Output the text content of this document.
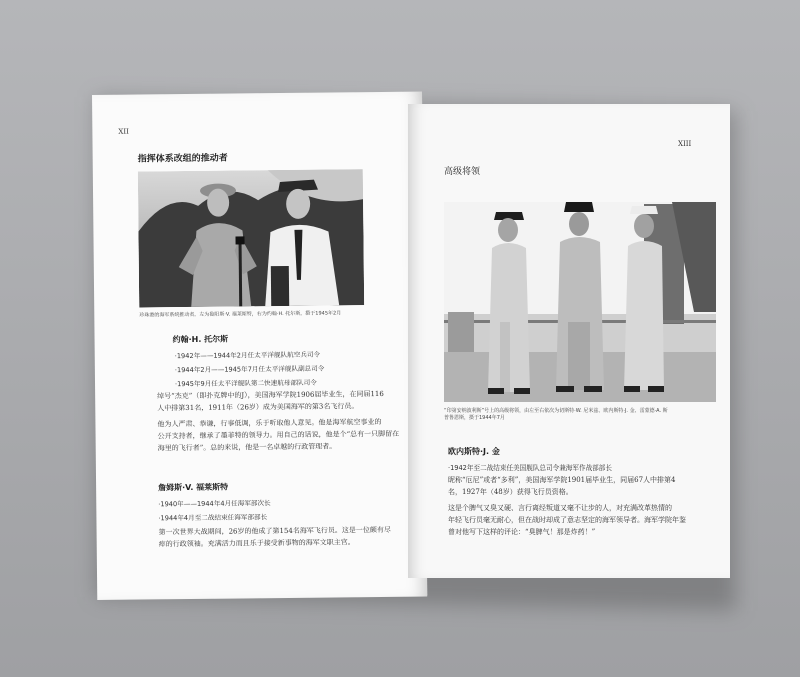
XII
指挥体系改组的推动者
珍珠港的海军系统推动者。左为鲁阳斯·V. 福莱斯特，右为约翰·H. 托尔斯，摄于1945年2月
约翰·H. 托尔斯
·1942年——1944年2月任太平洋舰队航空兵司令
·1944年2月——1945年7月任太平洋舰队副总司令
·1945年9月任太平洋舰队第二快速航母部队司令
绰号“杰克”（即扑克牌中的J），美国海军学院1906届毕业生，在同届116
人中排第31名，1911年（26岁）成为美国海军的第3名飞行员。
他为人严肃、恭谦，行事低调，乐于听取他人意见。他是海军航空事业的
公开支持者，继承了墨菲特的领导力。用自己的话说，他是个“总有一只脚留在
海里的飞行者”。总的来说，他是一名卓越的行政管理者。
詹姆斯·V. 福莱斯特
·1940年——1944年4月任海军部次长
·1944年4月至二战结束任海军部部长
第一次世界大战期间，26岁的他成了第154名海军飞行员。这是一位颇有尽
瘁的行政领袖。充满活力而且乐于接受新事物的海军文职主官。
XIII
高级将领
“印第安纳波利斯”号上的高级将领，由左至右依次为切斯特·W. 尼米兹、欧内斯特·J. 金、雷蒙德·A. 斯
普鲁恩斯，摄于1944年7月
欧内斯特·J. 金
·1942年至二战结束任美国舰队总司令兼海军作战部部长
昵称“厄尼”或者“多利”，美国海军学院1901届毕业生，同届67人中排第4
名，1927年（48岁）获得飞行员资格。
这是个脾气又臭又硬、言行离经叛道又毫不让步的人，对充满改革热情的
年轻飞行员毫无耐心，但在战时却成了意志坚定的海军领导者。海军学院年鉴
曾对他写下这样的评论：“臭脾气！那是炸药！”
